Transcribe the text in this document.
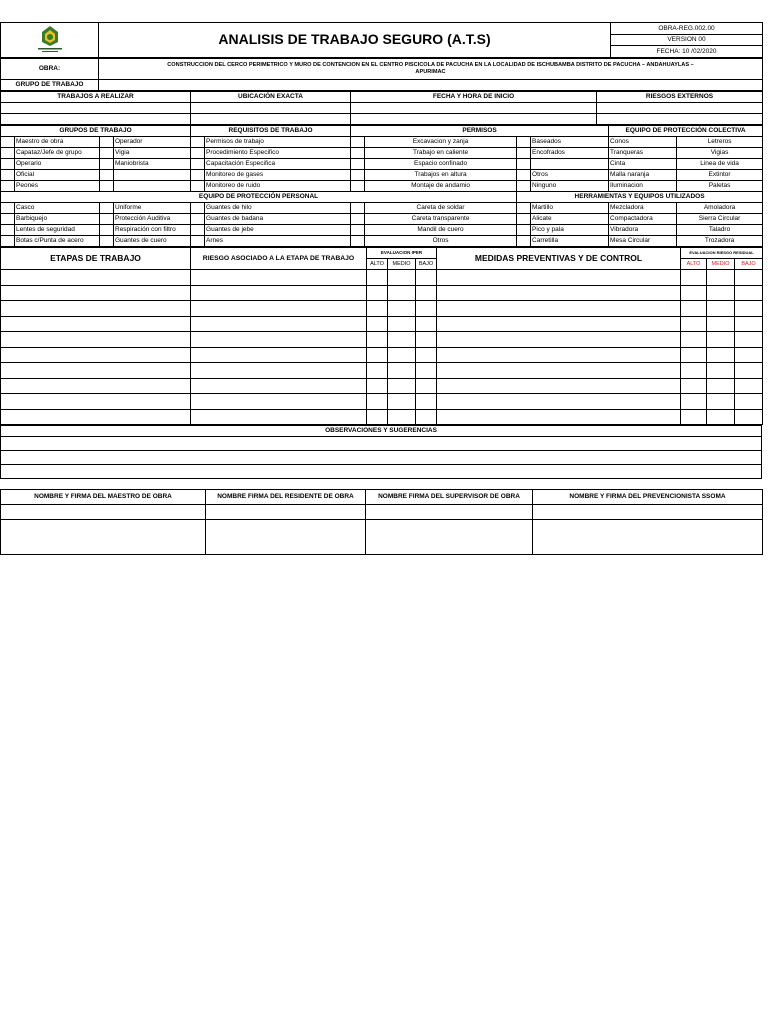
	ANALISIS DE TRABAJO SEGURO (A.T.S)	OBRA-REG.002.00
VERSION 00
FECHA: 10 /02/2020
OBRA:	CONSTRUCCION DEL CERCO PERIMETRICO Y MURO DE CONTENCION EN EL CENTRO PISCICOLA DE PACUCHA EN LA LOCALIDAD DE ISCHUBAMBA DISTRITO DE PACUCHA – ANDAHUAYLAS –
APURIMAC
GRUPO DE TRABAJO	
TRABAJOS A REALIZAR	UBICACIÓN EXACTA	FECHA Y HORA DE INICIO	RIESGOS EXTERNOS

GRUPOS DE TRABAJO				REQUISITOS DE TRABAJO		PERMISOS				EQUIPO DE PROTECCIÓN COLECTIVA	
	Maestro de obra		Operador		Permisos de trabajo		Excavacion y zanja		Baseados	Conos	Letreros
	Capataz/Jefe de grupo		Vigia		Procedimiento Especifico		Trabajo en caliente		Encofrados	Tranqueras	Vigias
	Operario		Maniobrista		Capacitación Especifica		Espacio confinado			Cinta	Linea de vida
	Oficial				Monitoreo de gases		Trabajos en altura		Otros	Malla naranja	Extintor
	Peones				Monitoreo de ruido		Montaje de andamio		Ninguno	Iluminacion	Paletas
EQUIPO DE PROTECCIÓN PERSONAL								HERRAMIENTAS Y EQUIPOS UTILIZADOS			
	Casco		Uniforme		Guantes de hilo		Careta de soldar		Martillo	Mezcladora	Amoladora
	Barbiquejo		Protección Auditiva		Guantes de badana		Careta transparente		Alicate	Compactadora	Sierra Circular
	Lentes de seguridad		Respiración con filtro		Guantes de jebe		Mandil de cuero		Pico y pala	Vibradora	Taladro
	Botas c/Punta de acero		Guantes de cuero		Arnes		Otros		Carretilla	Mesa Circular	Trozadora
ETAPAS DE TRABAJO	RIESGO ASOCIADO A LA ETAPA DE TRABAJO	EVALUACION IPER			MEDIDAS PREVENTIVAS Y DE CONTROL	EVALUACION RIESGO RESIDUAL		
		ALTO	MEDIO	BAJO		ALTO	MEDIO	BAJO

OBSERVACIONES Y SUGERENCIAS

NOMBRE Y FIRMA DEL MAESTRO DE OBRA	NOMBRE FIRMA DEL RESIDENTE DE OBRA	NOMBRE FIRMA DEL SUPERVISOR DE OBRA	NOMBRE Y FIRMA DEL PREVENCIONISTA SSOMA
